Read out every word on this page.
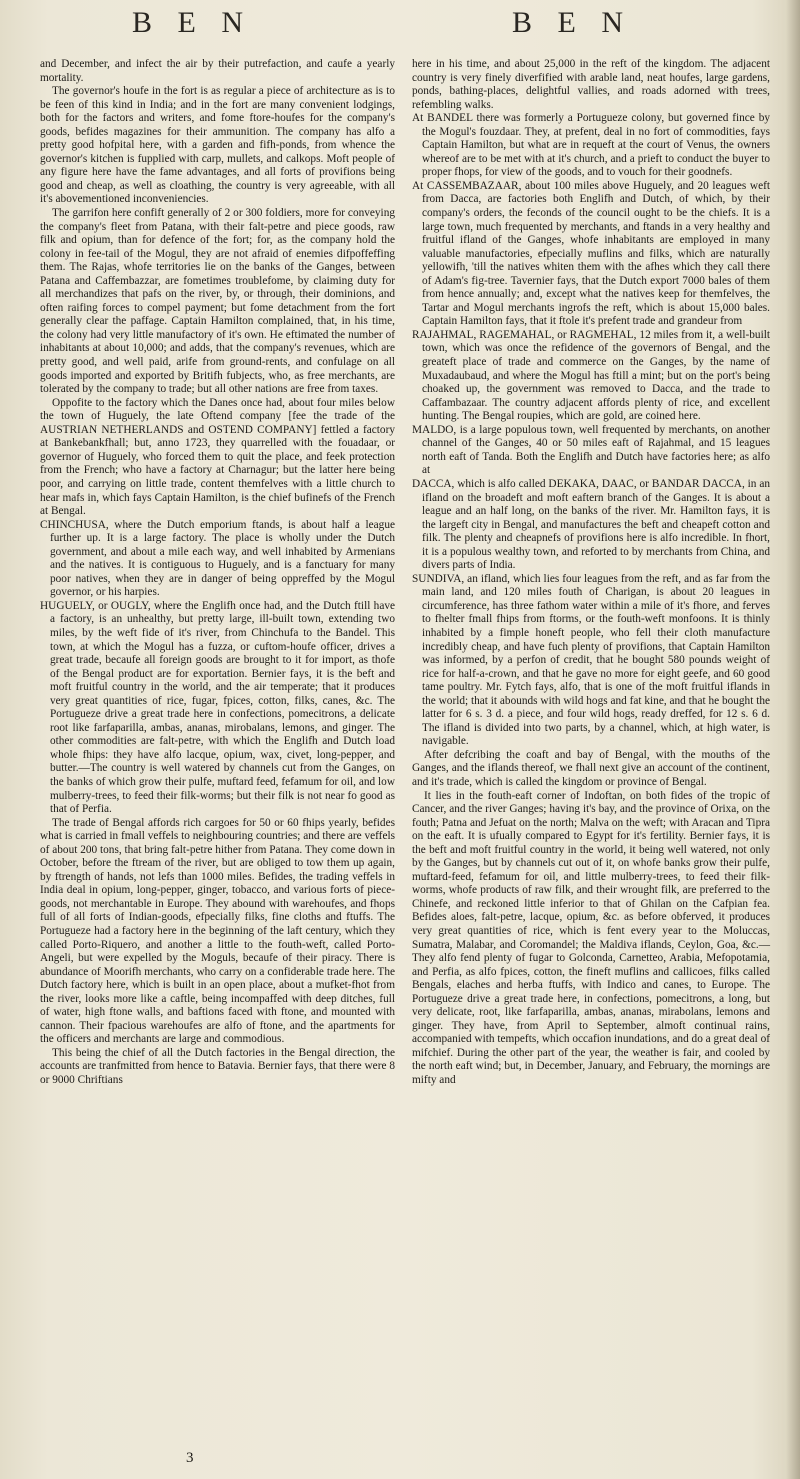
B E N	B E N

and December, and infect the air by their putrefaction, and caufe a yearly mortality.

The governor's houfe in the fort is as regular a piece of architecture as is to be feen of this kind in India; and in the fort are many convenient lodgings, both for the factors and writers, and fome ftore-houfes for the company's goods, befides magazines for their ammunition. The company has alfo a pretty good hofpital here, with a garden and fifh-ponds, from whence the governor's kitchen is fupplied with carp, mullets, and calkops. Moft people of any figure here have the fame advantages, and all forts of provifions being good and cheap, as well as cloathing, the country is very agreeable, with all it's abovementioned inconveniencies.

The garrifon here confift generally of 2 or 300 foldiers, more for conveying the company's fleet from Patana, with their falt-petre and piece goods, raw filk and opium, than for defence of the fort; for, as the company hold the colony in fee-tail of the Mogul, they are not afraid of enemies difpoffeffing them. The Rajas, whofe territories lie on the banks of the Ganges, between Patana and Caffembazzar, are fometimes troublefome, by claiming duty for all merchandizes that pafs on the river, by, or through, their dominions, and often raifing forces to compel payment; but fome detachment from the fort generally clear the paffage. Captain Hamilton complained, that, in his time, the colony had very little manufactory of it's own. He eftimated the number of inhabitants at about 10,000; and adds, that the company's revenues, which are pretty good, and well paid, arife from ground-rents, and confulage on all goods imported and exported by Britifh fubjects, who, as free merchants, are tolerated by the company to trade; but all other nations are free from taxes.

Oppofite to the factory which the Danes once had, about four miles below the town of Huguely, the late Oftend company [fee the trade of the AUSTRIAN NETHERLANDS and OSTEND COMPANY] fettled a factory at Bankebankfhall; but, anno 1723, they quarrelled with the fouadaar, or governor of Huguely, who forced them to quit the place, and feek protection from the French; who have a factory at Charnagur; but the latter here being poor, and carrying on little trade, content themfelves with a little church to hear mafs in, which fays Captain Hamilton, is the chief bufinefs of the French at Bengal.

CHINCHUSA, where the Dutch emporium ftands, is about half a league further up. It is a large factory. The place is wholly under the Dutch government, and about a mile each way, and well inhabited by Armenians and the natives. It is contiguous to Huguely, and is a fanctuary for many poor natives, when they are in danger of being oppreffed by the Mogul governor, or his harpies.

HUGUELY, or OUGLY, where the Englifh once had, and the Dutch ftill have a factory, is an unhealthy, but pretty large, ill-built town, extending two miles, by the weft fide of it's river, from Chinchufa to the Bandel. This town, at which the Mogul has a fuzza, or cuftom-houfe officer, drives a great trade, becaufe all foreign goods are brought to it for import, as thofe of the Bengal product are for exportation. Bernier fays, it is the beft and moft fruitful country in the world, and the air temperate; that it produces very great quantities of rice, fugar, fpices, cotton, filks, canes, &c. The Portugueze drive a great trade here in confections, pomecitrons, a delicate root like farfaparilla, ambas, ananas, mirobalans, lemons, and ginger. The other commodities are falt-petre, with which the Englifh and Dutch load whole fhips: they have alfo lacque, opium, wax, civet, long-pepper, and butter.—The country is well watered by channels cut from the Ganges, on the banks of which grow their pulfe, muftard feed, fefamum for oil, and low mulberry-trees, to feed their filk-worms; but their filk is not near fo good as that of Perfia.

The trade of Bengal affords rich cargoes for 50 or 60 fhips yearly, befides what is carried in fmall veffels to neighbouring countries; and there are veffels of about 200 tons, that bring falt-petre hither from Patana. They come down in October, before the ftream of the river, but are obliged to tow them up again, by ftrength of hands, not lefs than 1000 miles. Befides, the trading veffels in India deal in opium, long-pepper, ginger, tobacco, and various forts of piece-goods, not merchantable in Europe. They abound with warehoufes, and fhops full of all forts of Indian-goods, efpecially filks, fine cloths and ftuffs. The Portugueze had a factory here in the beginning of the laft century, which they called Porto-Riquero, and another a little to the fouth-weft, called Porto-Angeli, but were expelled by the Moguls, becaufe of their piracy. There is abundance of Moorifh merchants, who carry on a confiderable trade here. The Dutch factory here, which is built in an open place, about a mufket-fhot from the river, looks more like a caftle, being incompaffed with deep ditches, full of water, high ftone walls, and baftions faced with ftone, and mounted with cannon. Their fpacious warehoufes are alfo of ftone, and the apartments for the officers and merchants are large and commodious.

This being the chief of all the Dutch factories in the Bengal direction, the accounts are tranfmitted from hence to Batavia. Bernier fays, that there were 8 or 9000 Chriftians

here in his time, and about 25,000 in the reft of the kingdom. The adjacent country is very finely diverfified with arable land, neat houfes, large gardens, ponds, bathing-places, delightful vallies, and roads adorned with trees, refembling walks.

At BANDEL there was formerly a Portugueze colony, but governed fince by the Mogul's fouzdaar. They, at prefent, deal in no fort of commodities, fays Captain Hamilton, but what are in requeft at the court of Venus, the owners whereof are to be met with at it's church, and a prieft to conduct the buyer to proper fhops, for view of the goods, and to vouch for their goodnefs.

At CASSEMBAZAAR, about 100 miles above Huguely, and 20 leagues weft from Dacca, are factories both Englifh and Dutch, of which, by their company's orders, the feconds of the council ought to be the chiefs. It is a large town, much frequented by merchants, and ftands in a very healthy and fruitful ifland of the Ganges, whofe inhabitants are employed in many valuable manufactories, efpecially muflins and filks, which are naturally yellowifh, 'till the natives whiten them with the afhes which they call there of Adam's fig-tree. Tavernier fays, that the Dutch export 7000 bales of them from hence annually; and, except what the natives keep for themfelves, the Tartar and Mogul merchants ingrofs the reft, which is about 15,000 bales. Captain Hamilton fays, that it ftole it's prefent trade and grandeur from

RAJAHMAL, RAGEMAHAL, or RAGMEHAL, 12 miles from it, a well-built town, which was once the refidence of the governors of Bengal, and the greateft place of trade and commerce on the Ganges, by the name of Muxadaubaud, and where the Mogul has ftill a mint; but on the port's being choaked up, the government was removed to Dacca, and the trade to Caffambazaar. The country adjacent affords plenty of rice, and excellent hunting. The Bengal roupies, which are gold, are coined here.

MALDO, is a large populous town, well frequented by merchants, on another channel of the Ganges, 40 or 50 miles eaft of Rajahmal, and 15 leagues north eaft of Tanda. Both the Englifh and Dutch have factories here; as alfo at

DACCA, which is alfo called DEKAKA, DAAC, or BANDAR DACCA, in an ifland on the broadeft and moft eaftern branch of the Ganges. It is about a league and an half long, on the banks of the river. Mr. Hamilton fays, it is the largeft city in Bengal, and manufactures the beft and cheapeft cotton and filk. The plenty and cheapnefs of provifions here is alfo incredible. In fhort, it is a populous wealthy town, and reforted to by merchants from China, and divers parts of India.

SUNDIVA, an ifland, which lies four leagues from the reft, and as far from the main land, and 120 miles fouth of Charigan, is about 20 leagues in circumference, has three fathom water within a mile of it's fhore, and ferves to fhelter fmall fhips from ftorms, or the fouth-weft monfoons. It is thinly inhabited by a fimple honeft people, who fell their cloth manufacture incredibly cheap, and have fuch plenty of provifions, that Captain Hamilton was informed, by a perfon of credit, that he bought 580 pounds weight of rice for half-a-crown, and that he gave no more for eight geefe, and 60 good tame poultry. Mr. Fytch fays, alfo, that is one of the moft fruitful iflands in the world; that it abounds with wild hogs and fat kine, and that he bought the latter for 6 s. 3 d. a piece, and four wild hogs, ready dreffed, for 12 s. 6 d. The ifland is divided into two parts, by a channel, which, at high water, is navigable.

After defcribing the coaft and bay of Bengal, with the mouths of the Ganges, and the iflands thereof, we fhall next give an account of the continent, and it's trade, which is called the kingdom or province of Bengal.

It lies in the fouth-eaft corner of Indoftan, on both fides of the tropic of Cancer, and the river Ganges; having it's bay, and the province of Orixa, on the fouth; Patna and Jefuat on the north; Malva on the weft; with Aracan and Tipra on the eaft. It is ufually compared to Egypt for it's fertility. Bernier fays, it is the beft and moft fruitful country in the world, it being well watered, not only by the Ganges, but by channels cut out of it, on whofe banks grow their pulfe, muftard-feed, fefamum for oil, and little mulberry-trees, to feed their filk-worms, whofe products of raw filk, and their wrought filk, are preferred to the Chinefe, and reckoned little inferior to that of Ghilan on the Cafpian fea. Befides aloes, falt-petre, lacque, opium, &c. as before obferved, it produces very great quantities of rice, which is fent every year to the Moluccas, Sumatra, Malabar, and Coromandel; the Maldiva iflands, Ceylon, Goa, &c.—They alfo fend plenty of fugar to Golconda, Carnetteo, Arabia, Mefopotamia, and Perfia, as alfo fpices, cotton, the fineft muflins and callicoes, filks called Bengals, elaches and herba ftuffs, with Indico and canes, to Europe. The Portugueze drive a great trade here, in confections, pomecitrons, a long, but very delicate, root, like farfaparilla, ambas, ananas, mirabolans, lemons and ginger. They have, from April to September, almoft continual rains, accompanied with tempefts, which occafion inundations, and do a great deal of mifchief. During the other part of the year, the weather is fair, and cooled by the north eaft wind; but, in December, January, and February, the mornings are mifty and

3
